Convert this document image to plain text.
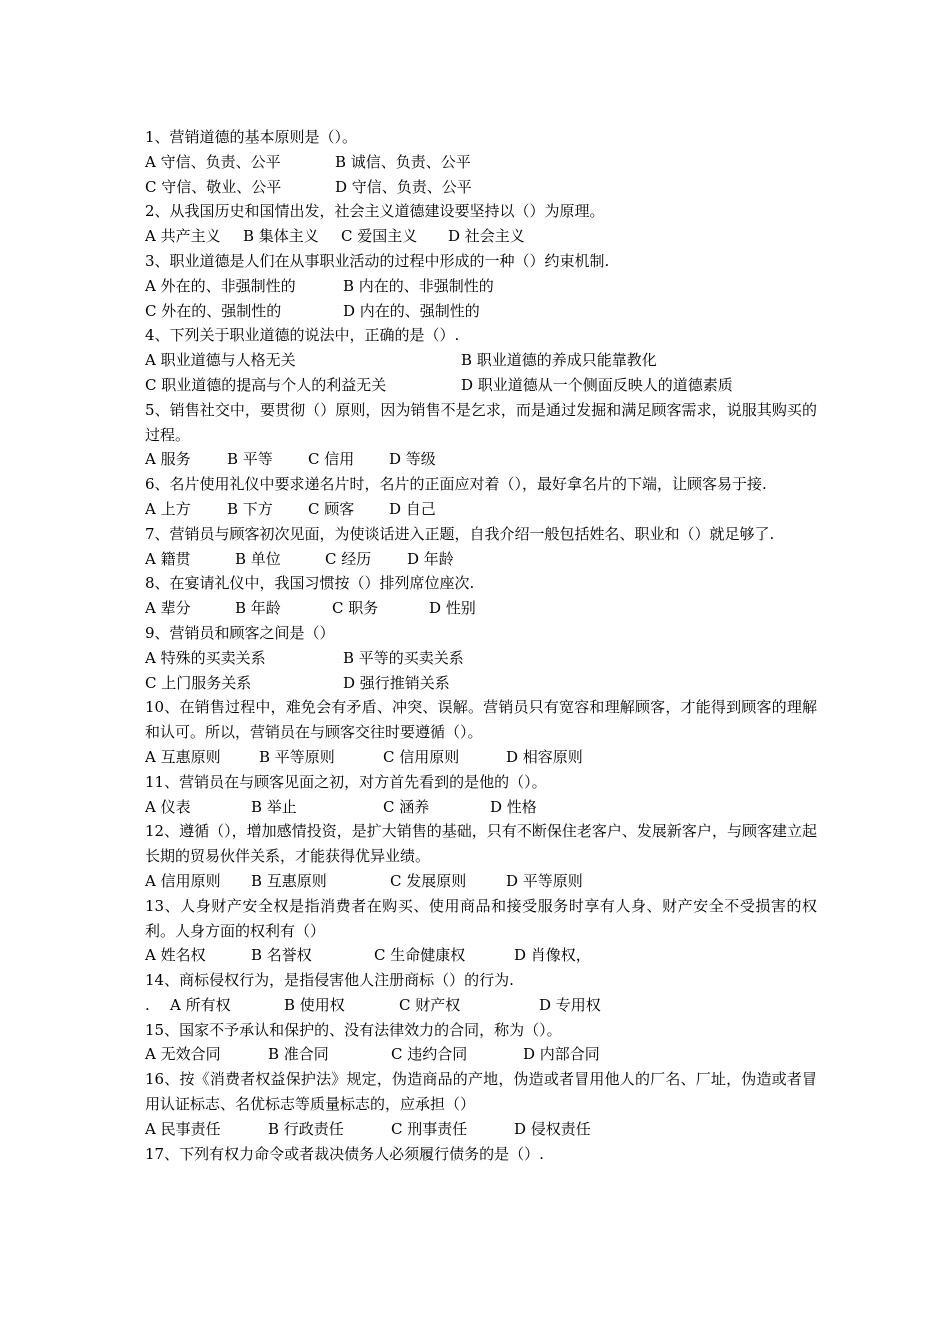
1、营销道德的基本原则是（）。
A 守信、负责、公平	B 诚信、负责、公平
C 守信、敬业、公平	D 守信、负责、公平
2、从我国历史和国情出发，社会主义道德建设要坚持以（）为原理。
A 共产主义 B 集体主义 C 爱国主义 D 社会主义
3、职业道德是人们在从事职业活动的过程中形成的一种（）约束机制.
A 外在的、非强制性的	B 内在的、非强制性的
C 外在的、强制性的	D 内在的、强制性的
4、下列关于职业道德的说法中，正确的是（）.
A 职业道德与人格无关	B 职业道德的养成只能靠教化
C 职业道德的提高与个人的利益无关	D 职业道德从一个侧面反映人的道德素质
5、销售社交中，要贯彻（）原则，因为销售不是乞求，而是通过发掘和满足顾客需求，说服其购买的过程。
A 服务 B 平等 C 信用 D 等级
6、名片使用礼仪中要求递名片时，名片的正面应对着（），最好拿名片的下端，让顾客易于接.
A 上方 B 下方 C 顾客 D 自己
7、营销员与顾客初次见面，为使谈话进入正题，自我介绍一般包括姓名、职业和（）就足够了.
A 籍贯	B 单位	C 经历 D 年龄
8、在宴请礼仪中，我国习惯按（）排列席位座次.
A 辈分	B 年龄	C 职务	D 性别
9、营销员和顾客之间是（）
A 特殊的买卖关系	B 平等的买卖关系
C 上门服务关系	D 强行推销关系
10、在销售过程中，难免会有矛盾、冲突、误解。营销员只有宽容和理解顾客，才能得到顾客的理解和认可。所以，营销员在与顾客交往时要遵循（）。
A 互惠原则	B 平等原则	C 信用原则	D 相容原则
11、营销员在与顾客见面之初，对方首先看到的是他的（）。
A 仪表	B 举止	C 涵养	D 性格
12、遵循（），增加感情投资，是扩大销售的基础，只有不断保住老客户、发展新客户，与顾客建立起长期的贸易伙伴关系，才能获得优异业绩。
A 信用原则 B 互惠原则	C 发展原则	D 平等原则
13、人身财产安全权是指消费者在购买、使用商品和接受服务时享有人身、财产安全不受损害的权利。人身方面的权利有（）
A 姓名权	B 名誉权	C 生命健康权	D 肖像权，
14、商标侵权行为，是指侵害他人注册商标（）的行为.
. A 所有权	B 使用权	C 财产权	D 专用权
15、国家不予承认和保护的、没有法律效力的合同，称为（）。
A 无效合同	B 准合同	C 违约合同	D 内部合同
16、按《消费者权益保护法》规定，伪造商品的产地，伪造或者冒用他人的厂名、厂址，伪造或者冒用认证标志、名优标志等质量标志的，应承担（）
A 民事责任	B 行政责任	C 刑事责任	D 侵权责任
17、下列有权力命令或者裁决债务人必须履行债务的是（）.
